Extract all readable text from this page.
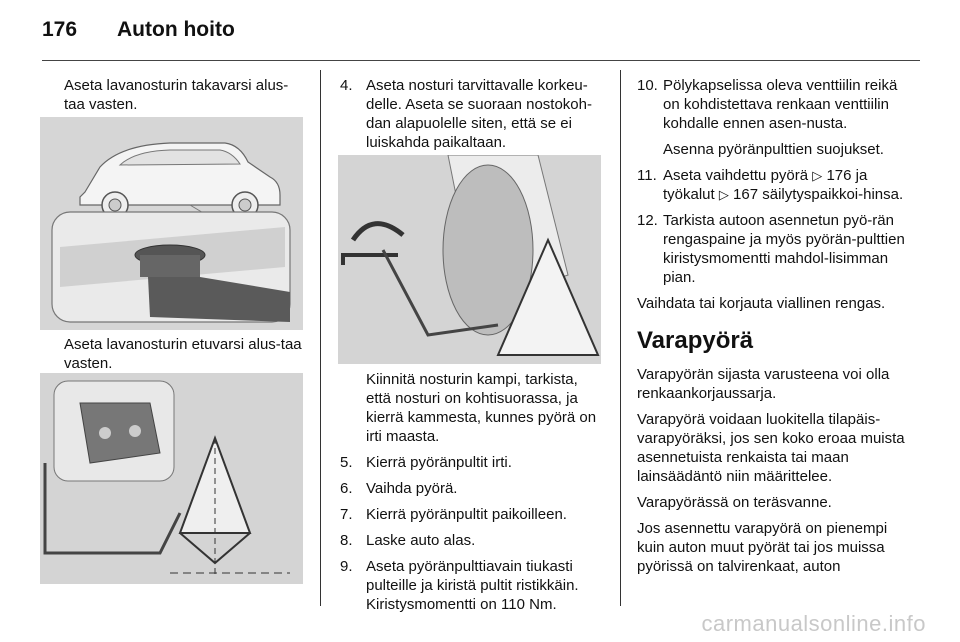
176 Auton hoito

Aseta lavanosturin takavarsi alus-taa vasten.

Aseta lavanosturin etuvarsi alus-taa vasten.

4. Aseta nosturi tarvittavalle korkeu-delle. Aseta se suoraan nostokoh-dan alapuolelle siten, että se ei luiskahda paikaltaan.

Kiinnitä nosturin kampi, tarkista, että nosturi on kohtisuorassa, ja kierrä kammesta, kunnes pyörä on irti maasta.

5. Kierrä pyöränpultit irti.
6. Vaihda pyörä.
7. Kierrä pyöränpultit paikoilleen.
8. Laske auto alas.
9. Aseta pyöränpulttiavain tiukasti pulteille ja kiristä pultit ristikkäin. Kiristysmomentti on 110 Nm.
10. Pölykapselissa oleva venttiilin reikä on kohdistettava renkaan venttiilin kohdalle ennen asen-nusta.

Asenna pyöränpulttien suojukset.

11. Aseta vaihdettu pyörä ▷ 176 ja työkalut ▷ 167 säilytyspaikkoi-hinsa.
12. Tarkista autoon asennetun pyö-rän rengaspaine ja myös pyörän-pulttien kiristysmomentti mahdol-lisimman pian.

Vaihdata tai korjauta viallinen rengas.

Varapyörä

Varapyörän sijasta varusteena voi olla renkaankorjaussarja.

Varapyörä voidaan luokitella tilapäis-varapyöräksi, jos sen koko eroaa muista asennetuista renkaista tai maan lainsäädäntö niin määrittelee.

Varapyörässä on teräsvanne.

Jos asennettu varapyörä on pienempi kuin auton muut pyörät tai jos muissa pyörissä on talvirenkaat, auton

carmanualsonline.info
